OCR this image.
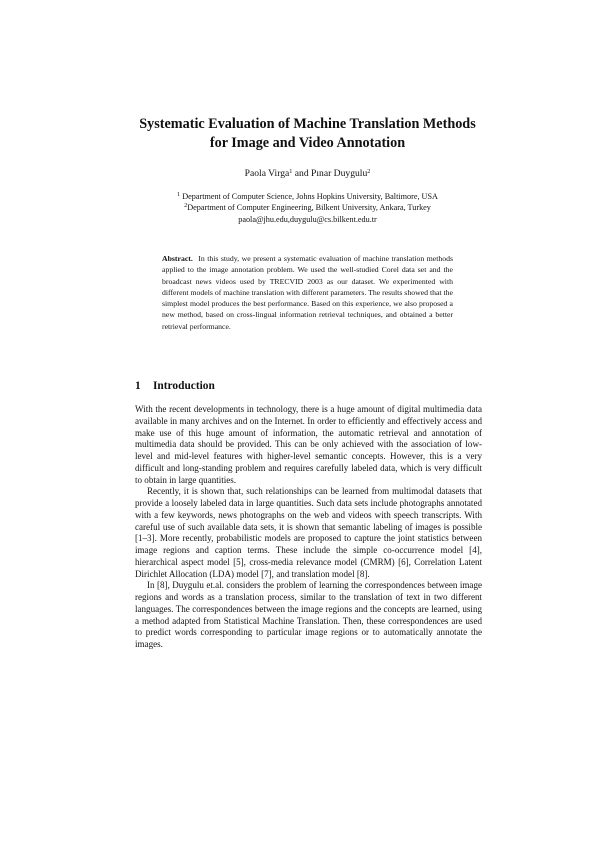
Systematic Evaluation of Machine Translation Methods
for Image and Video Annotation
Paola Virga$^1$ and Pınar Duygulu$^2$
$^1$ Department of Computer Science, Johns Hopkins University, Baltimore, USA
$^2$Department of Computer Engineering, Bilkent University, Ankara, Turkey
paola@jhu.edu,duygulu@cs.bilkent.edu.tr
Abstract. In this study, we present a systematic evaluation of machine translation methods applied to the image annotation problem. We used the well-studied Corel data set and the broadcast news videos used by TRECVID 2003 as our dataset. We experimented with different models of machine translation with different parameters. The results showed that the simplest model produces the best performance. Based on this experience, we also proposed a new method, based on cross-lingual information retrieval techniques, and obtained a better retrieval performance.
1 Introduction

With the recent developments in technology, there is a huge amount of digital multimedia data available in many archives and on the Internet. In order to efficiently and effectively access and make use of this huge amount of information, the automatic retrieval and annotation of multimedia data should be provided. This can be only achieved with the association of low-level and mid-level features with higher-level semantic concepts. However, this is a very difficult and long-standing problem and requires carefully labeled data, which is very difficult to obtain in large quantities.

Recently, it is shown that, such relationships can be learned from multimodal datasets that provide a loosely labeled data in large quantities. Such data sets include photographs annotated with a few keywords, news photographs on the web and videos with speech transcripts. With careful use of such available data sets, it is shown that semantic labeling of images is possible [1–3]. More recently, probabilistic models are proposed to capture the joint statistics between image regions and caption terms. These include the simple co-occurrence model [4], hierarchical aspect model [5], cross-media relevance model (CMRM) [6], Correlation Latent Dirichlet Allocation (LDA) model [7], and translation model [8].

In [8], Duygulu et.al. considers the problem of learning the correspondences between image regions and words as a translation process, similar to the translation of text in two different languages. The correspondences between the image regions and the concepts are learned, using a method adapted from Statistical Machine Translation. Then, these correspondences are used to predict words corresponding to particular image regions or to automatically annotate the images.
